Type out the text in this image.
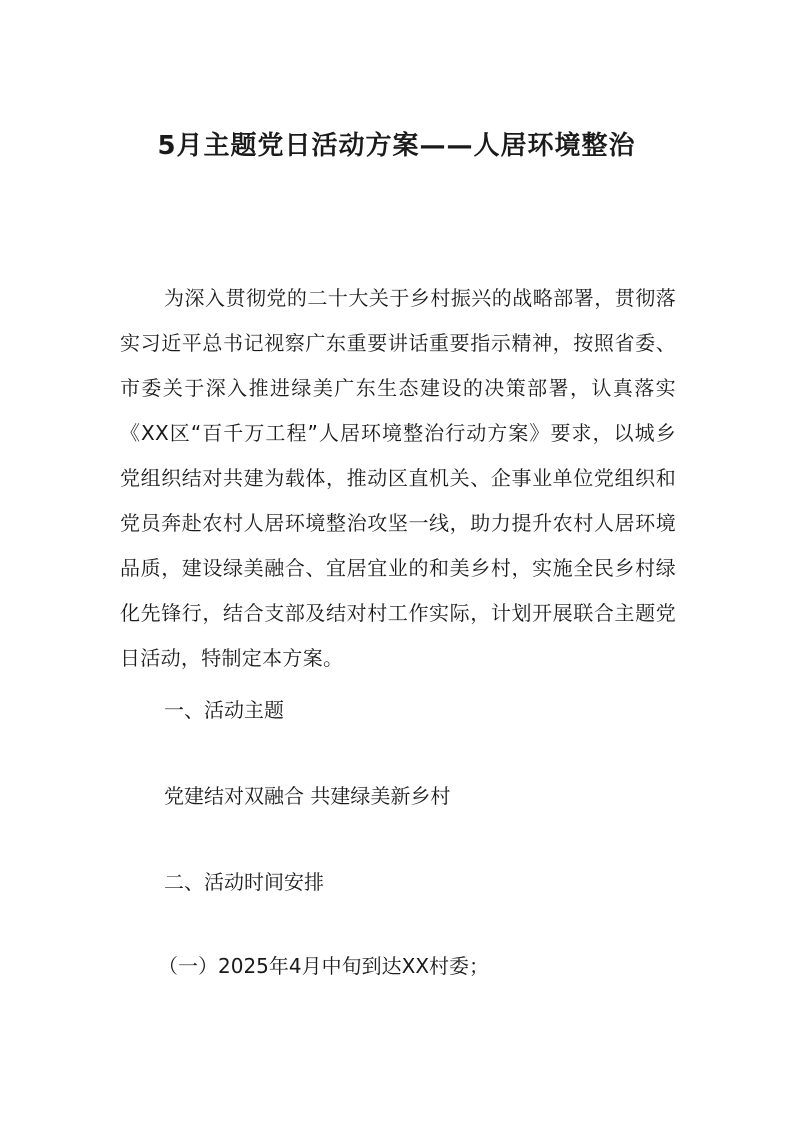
5月主题党日活动方案——人居环境整治

为深入贯彻党的二十大关于乡村振兴的战略部署，贯彻落实习近平总书记视察广东重要讲话重要指示精神，按照省委、市委关于深入推进绿美广东生态建设的决策部署，认真落实《XX区“百千万工程”人居环境整治行动方案》要求，以城乡党组织结对共建为载体，推动区直机关、企事业单位党组织和党员奔赴农村人居环境整治攻坚一线，助力提升农村人居环境品质，建设绿美融合、宜居宜业的和美乡村，实施全民乡村绿化先锋行，结合支部及结对村工作实际，计划开展联合主题党日活动，特制定本方案。

一、活动主题

党建结对双融合 共建绿美新乡村

二、活动时间安排

（一）2025年4月中旬到达XX村委；
